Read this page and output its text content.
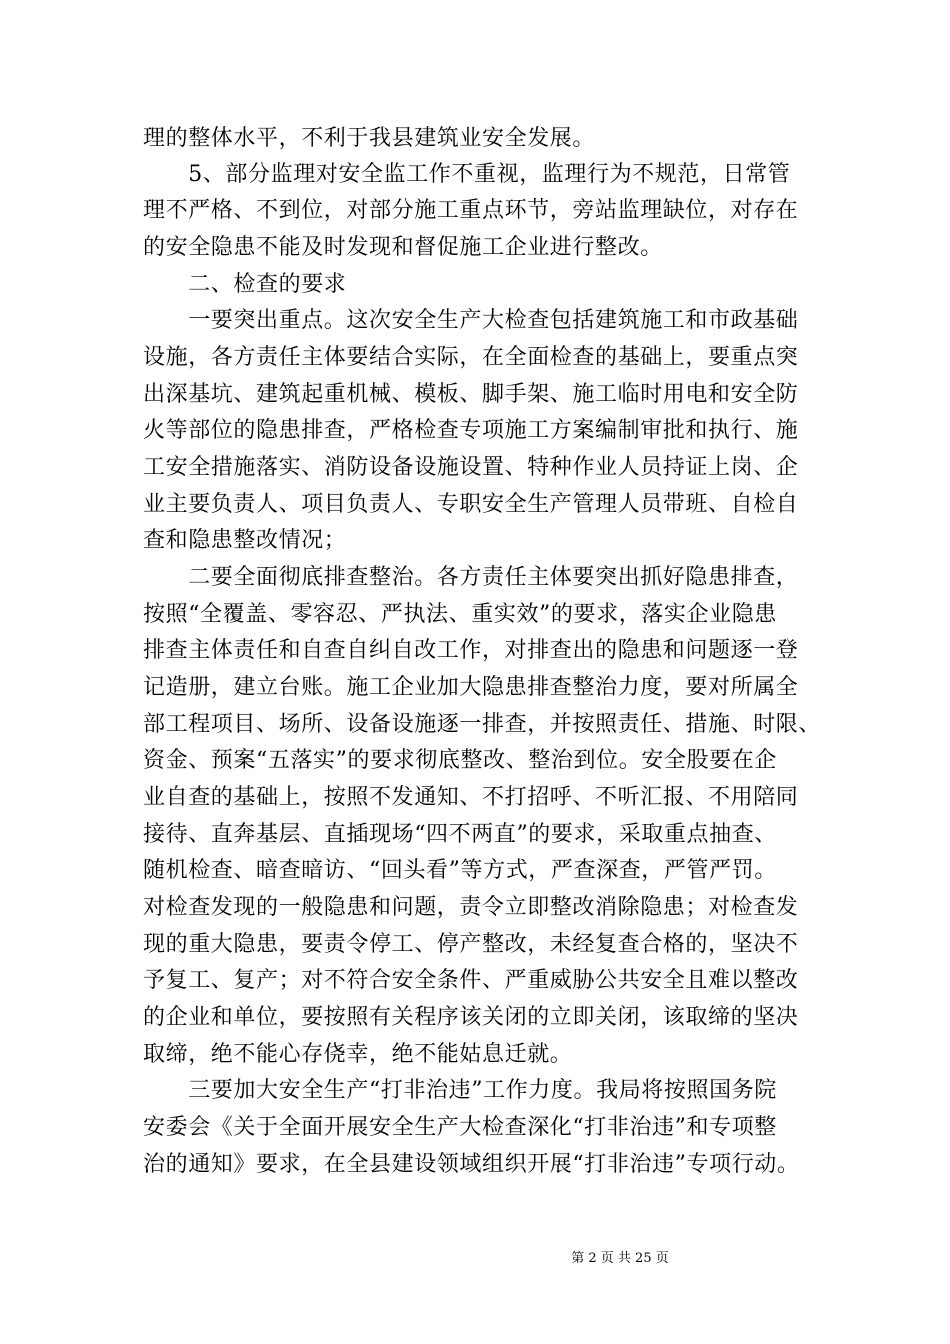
理的整体水平，不利于我县建筑业安全发展。
　　5、部分监理对安全监工作不重视，监理行为不规范，日常管
理不严格、不到位，对部分施工重点环节，旁站监理缺位，对存在
的安全隐患不能及时发现和督促施工企业进行整改。
　　二、检查的要求
　　一要突出重点。这次安全生产大检查包括建筑施工和市政基础
设施，各方责任主体要结合实际，在全面检查的基础上，要重点突
出深基坑、建筑起重机械、模板、脚手架、施工临时用电和安全防
火等部位的隐患排查，严格检查专项施工方案编制审批和执行、施
工安全措施落实、消防设备设施设置、特种作业人员持证上岗、企
业主要负责人、项目负责人、专职安全生产管理人员带班、自检自
查和隐患整改情况；
　　二要全面彻底排查整治。各方责任主体要突出抓好隐患排查，
按照“全覆盖、零容忍、严执法、重实效”的要求，落实企业隐患
排查主体责任和自查自纠自改工作，对排查出的隐患和问题逐一登
记造册，建立台账。施工企业加大隐患排查整治力度，要对所属全
部工程项目、场所、设备设施逐一排查，并按照责任、措施、时限、
资金、预案“五落实”的要求彻底整改、整治到位。安全股要在企
业自查的基础上，按照不发通知、不打招呼、不听汇报、不用陪同
接待、直奔基层、直插现场“四不两直”的要求，采取重点抽查、
随机检查、暗查暗访、“回头看”等方式，严查深查，严管严罚。
对检查发现的一般隐患和问题，责令立即整改消除隐患；对检查发
现的重大隐患，要责令停工、停产整改，未经复查合格的，坚决不
予复工、复产；对不符合安全条件、严重威胁公共安全且难以整改
的企业和单位，要按照有关程序该关闭的立即关闭，该取缔的坚决
取缔，绝不能心存侥幸，绝不能姑息迁就。
　　三要加大安全生产“打非治违”工作力度。我局将按照国务院
安委会《关于全面开展安全生产大检查深化“打非治违”和专项整
治的通知》要求，在全县建设领域组织开展“打非治违”专项行动。
第 2 页 共 25 页
